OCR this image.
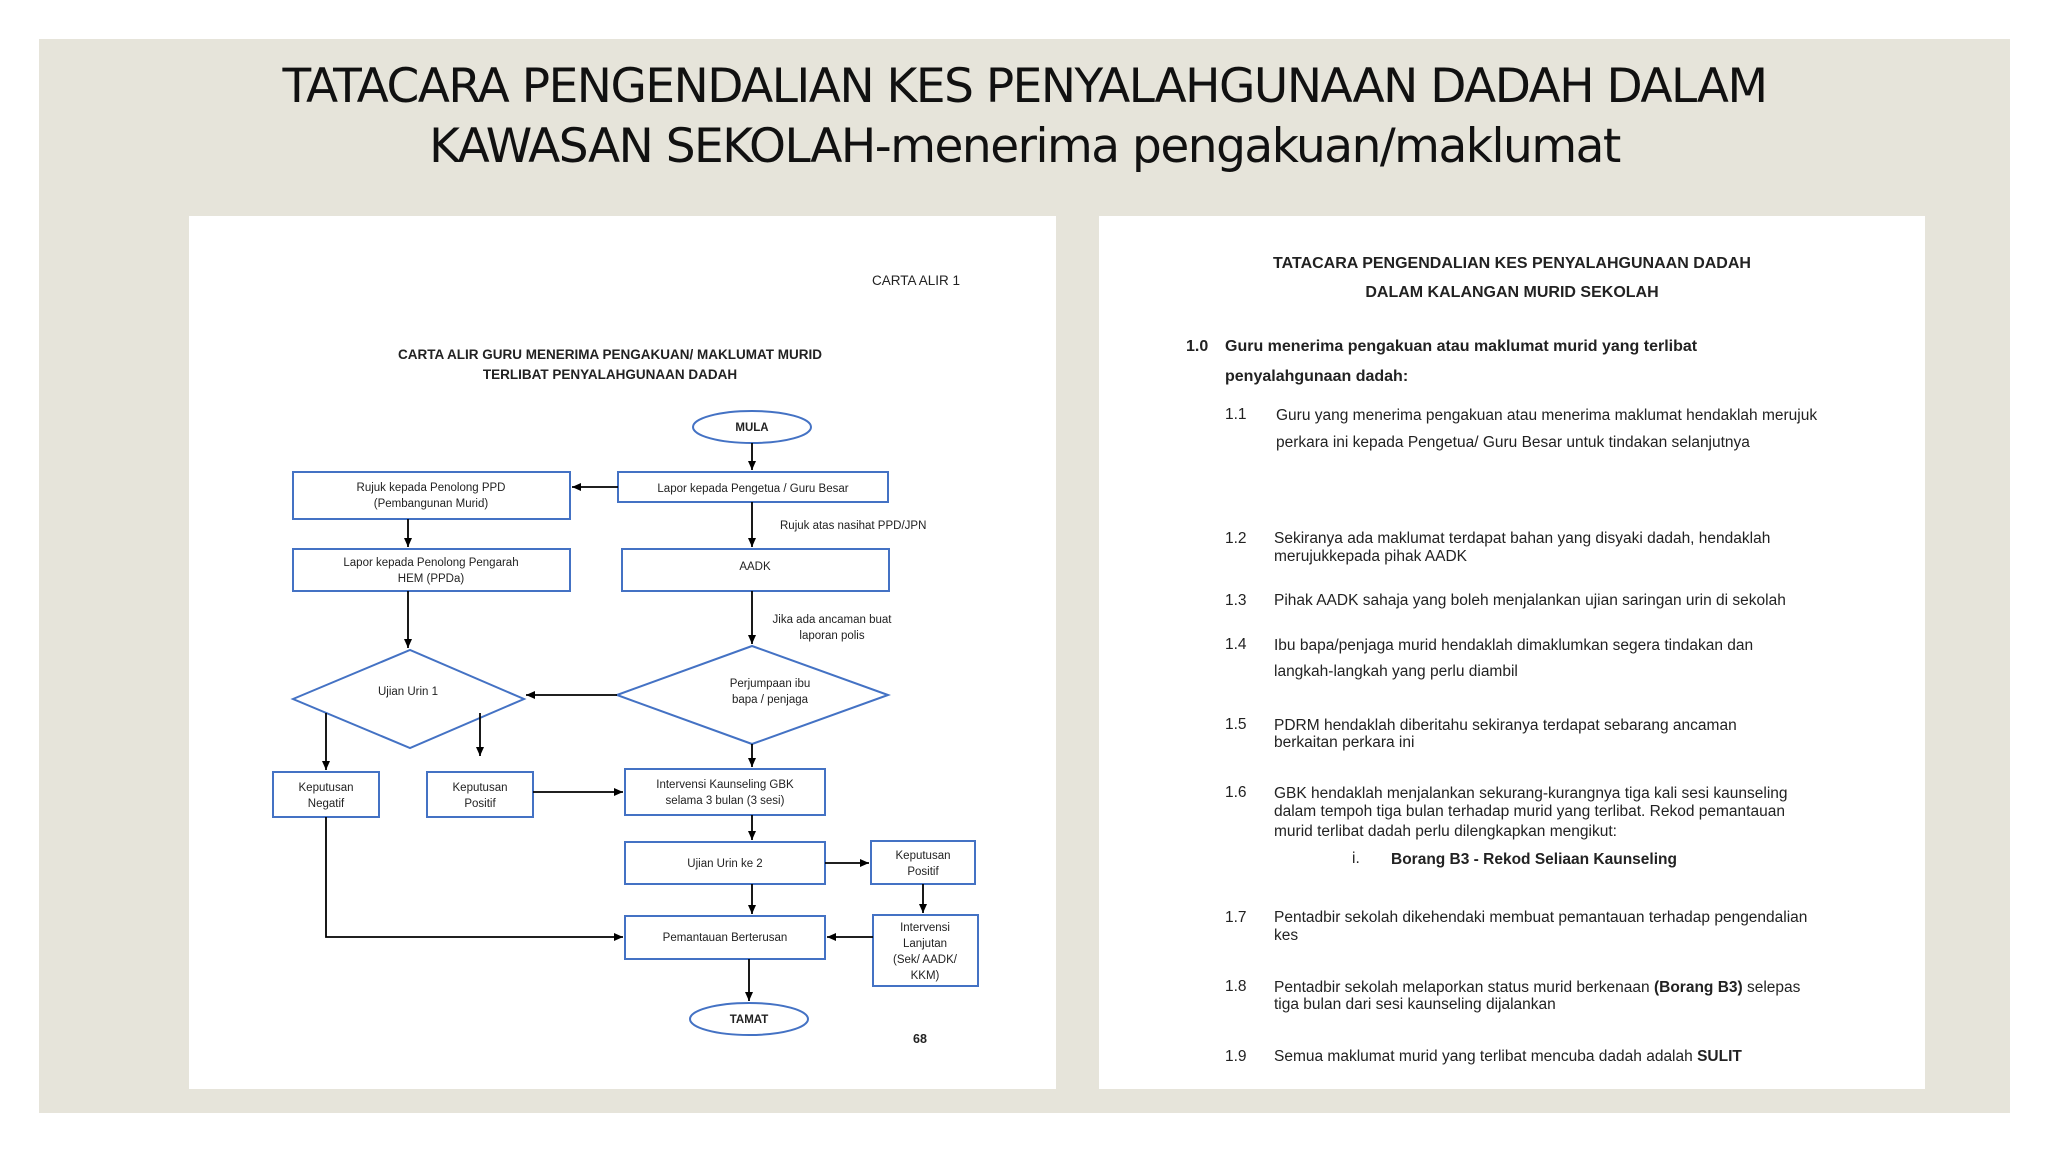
TATACARA PENGENDALIAN KES PENYALAHGUNAAN DADAH DALAM
KAWASAN SEKOLAH-menerima pengakuan/maklumat
CARTA ALIR 1
CARTA ALIR GURU MENERIMA PENGAKUAN/ MAKLUMAT MURID
TERLIBAT PENYALAHGUNAAN DADAH
MULA
Rujuk kepada Penolong PPD
(Pembangunan Murid)
Lapor kepada Pengetua / Guru Besar
Rujuk atas nasihat PPD/JPN
Lapor kepada Penolong Pengarah
HEM (PPDa)
AADK
Jika ada ancaman buat
laporan polis
Ujian Urin 1
Perjumpaan ibu
bapa / penjaga
Keputusan
Negatif
Keputusan
Positif
Intervensi Kaunseling GBK
selama 3 bulan (3 sesi)
Ujian Urin ke 2
Keputusan
Positif
Intervensi
Lanjutan
(Sek/ AADK/
KKM)
Pemantauan Berterusan
TAMAT
68
TATACARA PENGENDALIAN KES PENYALAHGUNAAN DADAH
DALAM KALANGAN MURID SEKOLAH
1.0 Guru menerima pengakuan atau maklumat murid yang terlibat
penyalahgunaan dadah:
1.1 Guru yang menerima pengakuan atau menerima maklumat hendaklah merujuk
perkara ini kepada Pengetua/ Guru Besar untuk tindakan selanjutnya
1.2 Sekiranya ada maklumat terdapat bahan yang disyaki dadah, hendaklah
merujukkepada pihak AADK
1.3 Pihak AADK sahaja yang boleh menjalankan ujian saringan urin di sekolah
1.4 Ibu bapa/penjaga murid hendaklah dimaklumkan segera tindakan dan
langkah-langkah yang perlu diambil
1.5 PDRM hendaklah diberitahu sekiranya terdapat sebarang ancaman
berkaitan perkara ini
1.6 GBK hendaklah menjalankan sekurang-kurangnya tiga kali sesi kaunseling
dalam tempoh tiga bulan terhadap murid yang terlibat. Rekod pemantauan
murid terlibat dadah perlu dilengkapkan mengikut:
i. Borang B3 - Rekod Seliaan Kaunseling
1.7 Pentadbir sekolah dikehendaki membuat pemantauan terhadap pengendalian
kes
1.8 Pentadbir sekolah melaporkan status murid berkenaan (Borang B3) selepas
tiga bulan dari sesi kaunseling dijalankan
1.9 Semua maklumat murid yang terlibat mencuba dadah adalah SULIT
